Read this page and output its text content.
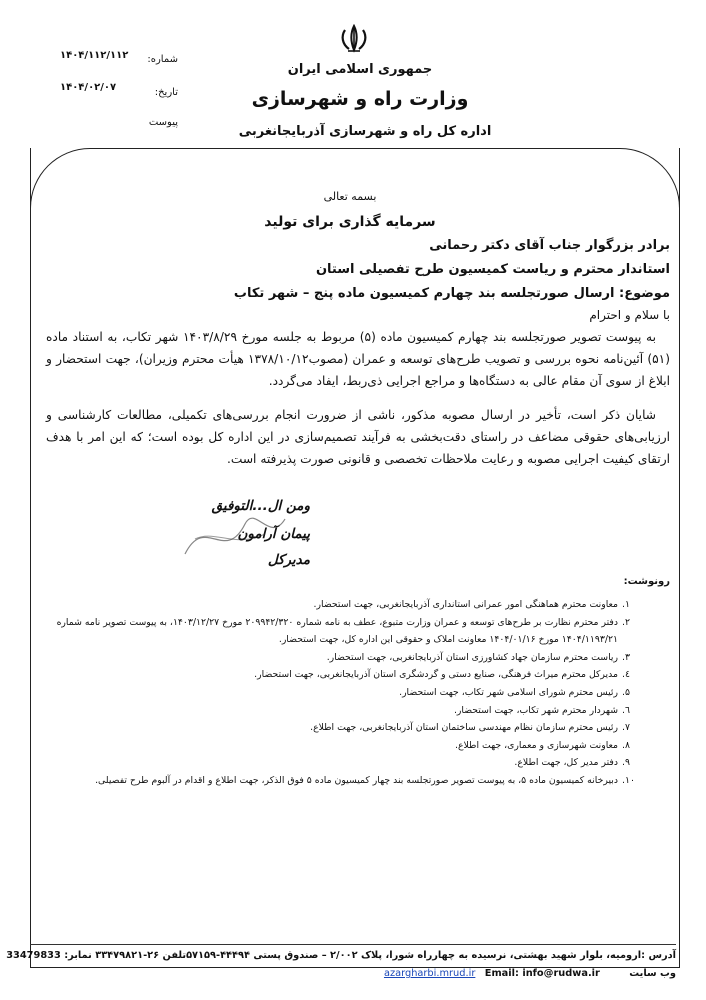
جمهوری اسلامی ایران
وزارت راه و شهرسازی
اداره کل راه و شهرسازی آذربایجانغربی
شماره:
۱۴۰۴/۱۱۲/۱۱۲
تاریخ:
۱۴۰۴/۰۲/۰۷
پیوست
بسمه تعالی
سرمایه گذاری برای تولید
برادر بزرگوار جناب آقای دکتر رحمانی
استاندار محترم و ریاست کمیسیون طرح تفصیلی استان
موضوع: ارسال صورتجلسه بند چهارم کمیسیون ماده پنج – شهر تکاب
با سلام و احترام
به پیوست تصویر صورتجلسه بند چهارم کمیسیون ماده (۵) مربوط به جلسه مورخ ۱۴۰۳/۸/۲۹ شهر تکاب، به استناد ماده (۵۱) آئین‌نامه نحوه بررسی و تصویب طرح‌های توسعه و عمران (مصوب۱۳۷۸/۱۰/۱۲ هیأت محترم وزیران)، جهت استحضار و ابلاغ از سوی آن مقام عالی به دستگاه‌ها و مراجع اجرایی ذی‌ربط، ایفاد می‌گردد.
شایان ذکر است، تأخیر در ارسال مصوبه مذکور، ناشی از ضرورت انجام بررسی‌های تکمیلی، مطالعات کارشناسی و ارزیابی‌های حقوقی مضاعف در راستای دقت‌بخشی به فرآیند تصمیم‌سازی در این اداره کل بوده است؛ که این امر با هدف ارتقای کیفیت اجرایی مصوبه و رعایت ملاحظات تخصصی و قانونی صورت پذیرفته است.
ومن ال...التوفیق
پیمان آرامون
مدیرکل
رونوشت:
۱.
معاونت محترم هماهنگی امور عمرانی استانداری آذربایجانغربی، جهت استحضار.
۲.
دفتر محترم نظارت بر طرح‌های توسعه و عمران وزارت متبوع، عطف به نامه شماره ۲۰۹۹۴۲/۳۲۰ مورخ ۱۴۰۳/۱۲/۲۷، به پیوست تصویر نامه شماره ۱۴۰۴/۱۱۹۳/۲۱ مورخ ۱۴۰۴/۰۱/۱۶ معاونت املاک و حقوقی این اداره کل، جهت استحضار.
۳.
ریاست محترم سازمان جهاد کشاورزی استان آذربایجانغربی، جهت استحضار.
٤.
مدیرکل محترم میراث فرهنگی، صنایع دستی و گردشگری استان آذربایجانغربی، جهت استحضار.
۵.
رئیس محترم شورای اسلامی شهر تکاب، جهت استحضار.
٦.
شهردار محترم شهر تکاب، جهت استحضار.
۷.
رئیس محترم سازمان نظام مهندسی ساختمان استان آذربایجانغربی، جهت اطلاع.
۸.
معاونت شهرسازی و معماری، جهت اطلاع.
۹.
دفتر مدیر کل، جهت اطلاع.
۱۰.
دبیرخانه کمیسیون ماده ۵، به پیوست تصویر صورتجلسه بند چهار کمیسیون ماده ۵ فوق الذکر، جهت اطلاع و اقدام در آلبوم طرح تفصیلی.
آدرس :ارومیه، بلوار شهید بهشتی، نرسیده به چهارراه شورا، پلاک ۲/۰۰۲ – صندوق پستی ۴۴۴۹۴-۵۷۱۵۹تلفن ۲۶-۳۳۴۷۹۸۲۱ نمابر: 33479833
وب سایت azargharbi.mrud.ir Email: info@rudwa.ir
